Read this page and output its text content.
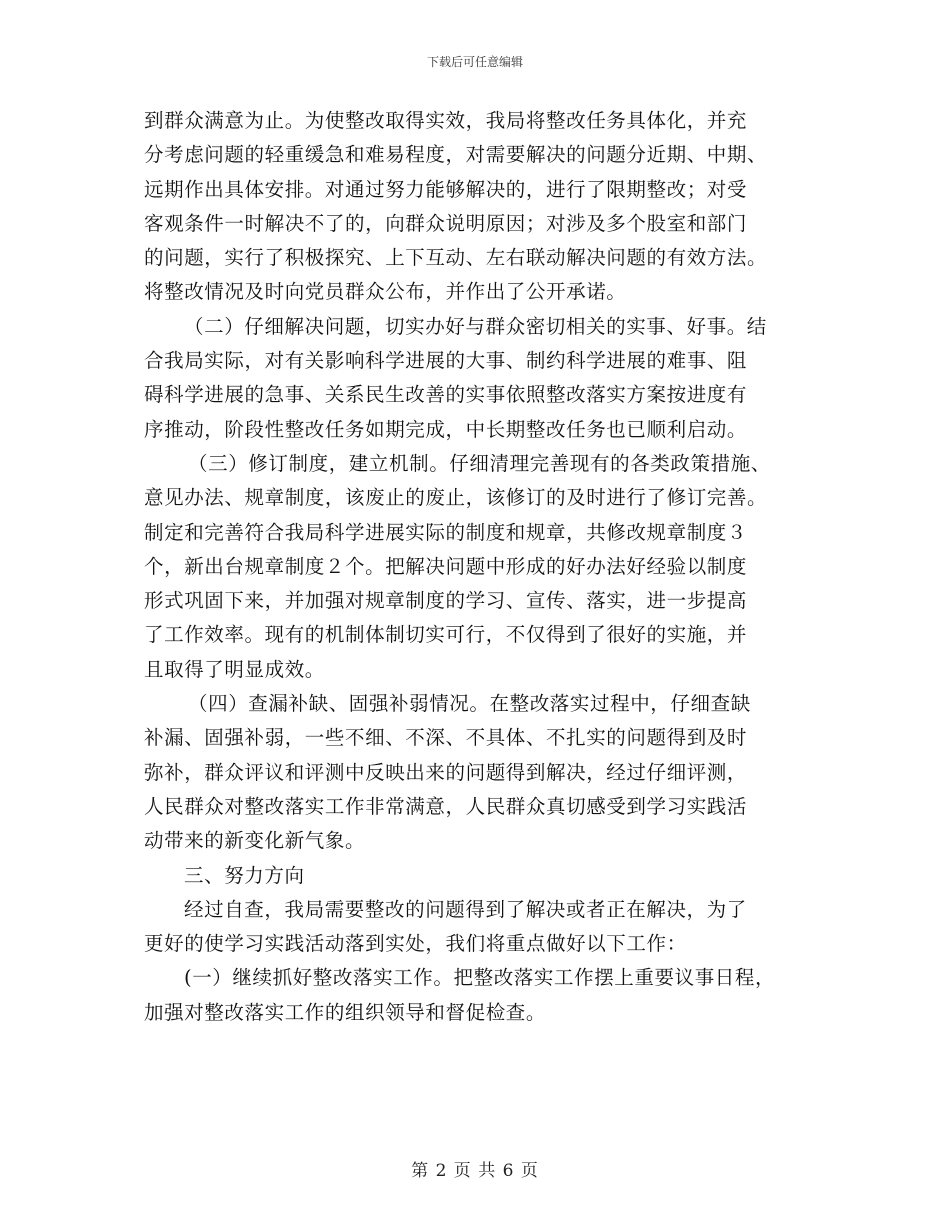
下载后可任意编辑
到群众满意为止。为使整改取得实效，我局将整改任务具体化，并充
分考虑问题的轻重缓急和难易程度，对需要解决的问题分近期、中期、
远期作出具体安排。对通过努力能够解决的，进行了限期整改；对受
客观条件一时解决不了的，向群众说明原因；对涉及多个股室和部门
的问题，实行了积极探究、上下互动、左右联动解决问题的有效方法。
将整改情况及时向党员群众公布，并作出了公开承诺。
（二）仔细解决问题，切实办好与群众密切相关的实事、好事。结
合我局实际，对有关影响科学进展的大事、制约科学进展的难事、阻
碍科学进展的急事、关系民生改善的实事依照整改落实方案按进度有
序推动，阶段性整改任务如期完成，中长期整改任务也已顺利启动。
（三）修订制度，建立机制。仔细清理完善现有的各类政策措施、
意见办法、规章制度，该废止的废止，该修订的及时进行了修订完善。
制定和完善符合我局科学进展实际的制度和规章，共修改规章制度３
个，新出台规章制度２个。把解决问题中形成的好办法好经验以制度
形式巩固下来，并加强对规章制度的学习、宣传、落实，进一步提高
了工作效率。现有的机制体制切实可行，不仅得到了很好的实施，并
且取得了明显成效。
（四）查漏补缺、固强补弱情况。在整改落实过程中，仔细查缺
补漏、固强补弱，一些不细、不深、不具体、不扎实的问题得到及时
弥补，群众评议和评测中反映出来的问题得到解决，经过仔细评测，
人民群众对整改落实工作非常满意，人民群众真切感受到学习实践活
动带来的新变化新气象。
三、努力方向
经过自查，我局需要整改的问题得到了解决或者正在解决，为了
更好的使学习实践活动落到实处，我们将重点做好以下工作：
(一）继续抓好整改落实工作。把整改落实工作摆上重要议事日程，
加强对整改落实工作的组织领导和督促检查。
第 2 页 共 6 页
